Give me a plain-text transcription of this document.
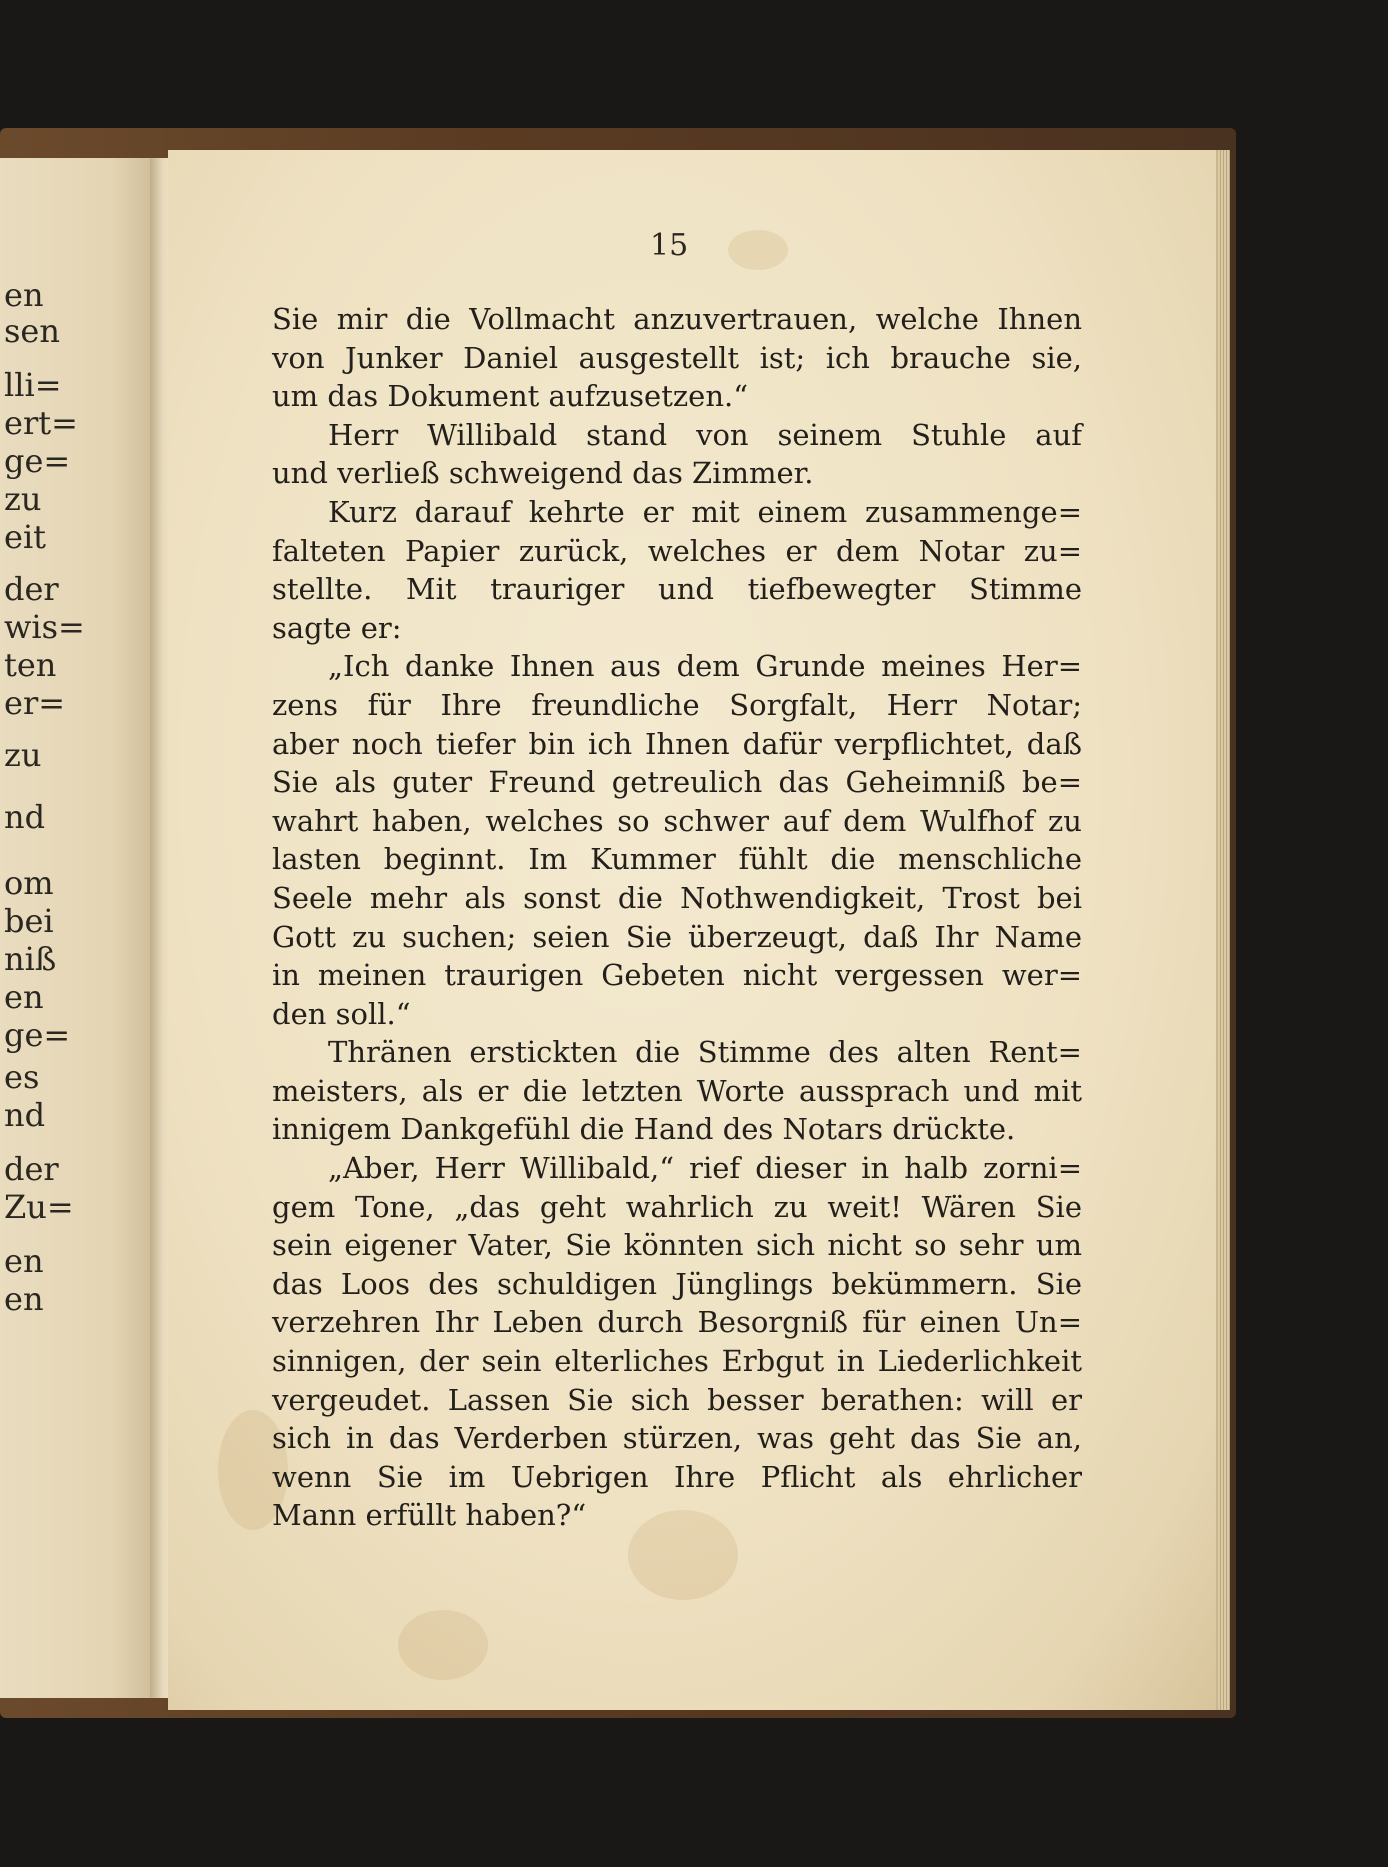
en
sen
lli=
ert=
ge=
zu
eit
der
wis=
ten
er=
zu
nd
om
bei
niß
en
ge=
es
nd
der
Zu=
en
en
15
Sie mir die Vollmacht anzuvertrauen, welche Ihnen
von Junker Daniel ausgestellt ist; ich brauche sie,
um das Dokument aufzusetzen.“
Herr Willibald stand von seinem Stuhle auf
und verließ schweigend das Zimmer.
Kurz darauf kehrte er mit einem zusammenge=
falteten Papier zurück, welches er dem Notar zu=
stellte. Mit trauriger und tiefbewegter Stimme
sagte er:
„Ich danke Ihnen aus dem Grunde meines Her=
zens für Ihre freundliche Sorgfalt, Herr Notar;
aber noch tiefer bin ich Ihnen dafür verpflichtet, daß
Sie als guter Freund getreulich das Geheimniß be=
wahrt haben, welches so schwer auf dem Wulfhof zu
lasten beginnt. Im Kummer fühlt die menschliche
Seele mehr als sonst die Nothwendigkeit, Trost bei
Gott zu suchen; seien Sie überzeugt, daß Ihr Name
in meinen traurigen Gebeten nicht vergessen wer=
den soll.“
Thränen erstickten die Stimme des alten Rent=
meisters, als er die letzten Worte aussprach und mit
innigem Dankgefühl die Hand des Notars drückte.
„Aber, Herr Willibald,“ rief dieser in halb zorni=
gem Tone, „das geht wahrlich zu weit! Wären Sie
sein eigener Vater, Sie könnten sich nicht so sehr um
das Loos des schuldigen Jünglings bekümmern. Sie
verzehren Ihr Leben durch Besorgniß für einen Un=
sinnigen, der sein elterliches Erbgut in Liederlichkeit
vergeudet. Lassen Sie sich besser berathen: will er
sich in das Verderben stürzen, was geht das Sie an,
wenn Sie im Uebrigen Ihre Pflicht als ehrlicher
Mann erfüllt haben?“
